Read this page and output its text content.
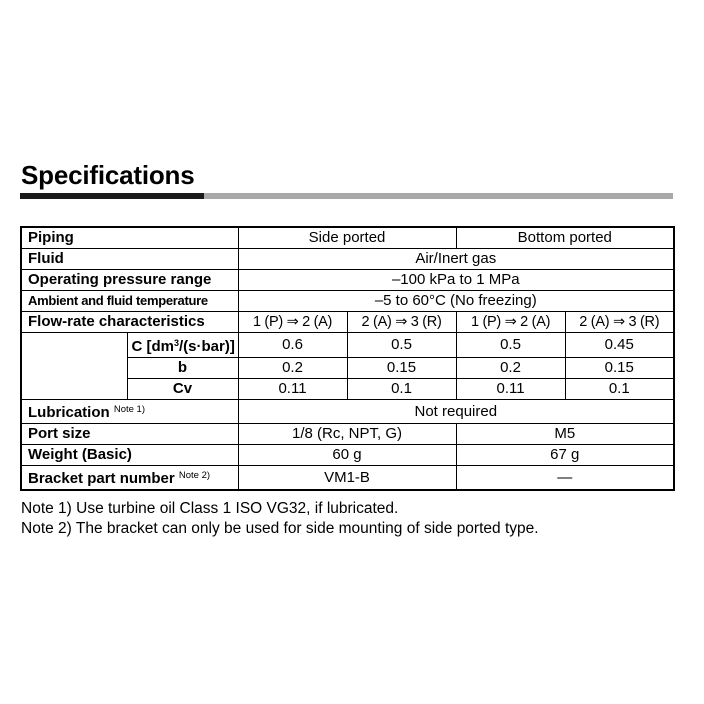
Specifications
Piping		Side ported		Bottom ported	
Fluid		Air/Inert gas			
Operating pressure range		–100 kPa to 1 MPa			
Ambient and fluid temperature		–5 to 60°C (No freezing)			
Flow-rate characteristics		1 (P) ⇒ 2 (A)	2 (A) ⇒ 3 (R)	1 (P) ⇒ 2 (A)	2 (A) ⇒ 3 (R)
	C $[dm^3/(s\cdot bar)]$	0.6	0.5	0.5	0.45
	b	0.2	0.15	0.2	0.15
	Cv	0.11	0.1	0.11	0.1
Lubrication $^{Note 1)}$		Not required			
Port size		1/8 (Rc, NPT, G)		M5	
Weight (Basic)		60 g		67 g	
Bracket part number $^{Note 2)}$		VM1-B		—	
Note 1) Use turbine oil Class 1 ISO VG32, if lubricated.
Note 2) The bracket can only be used for side mounting of side ported type.
